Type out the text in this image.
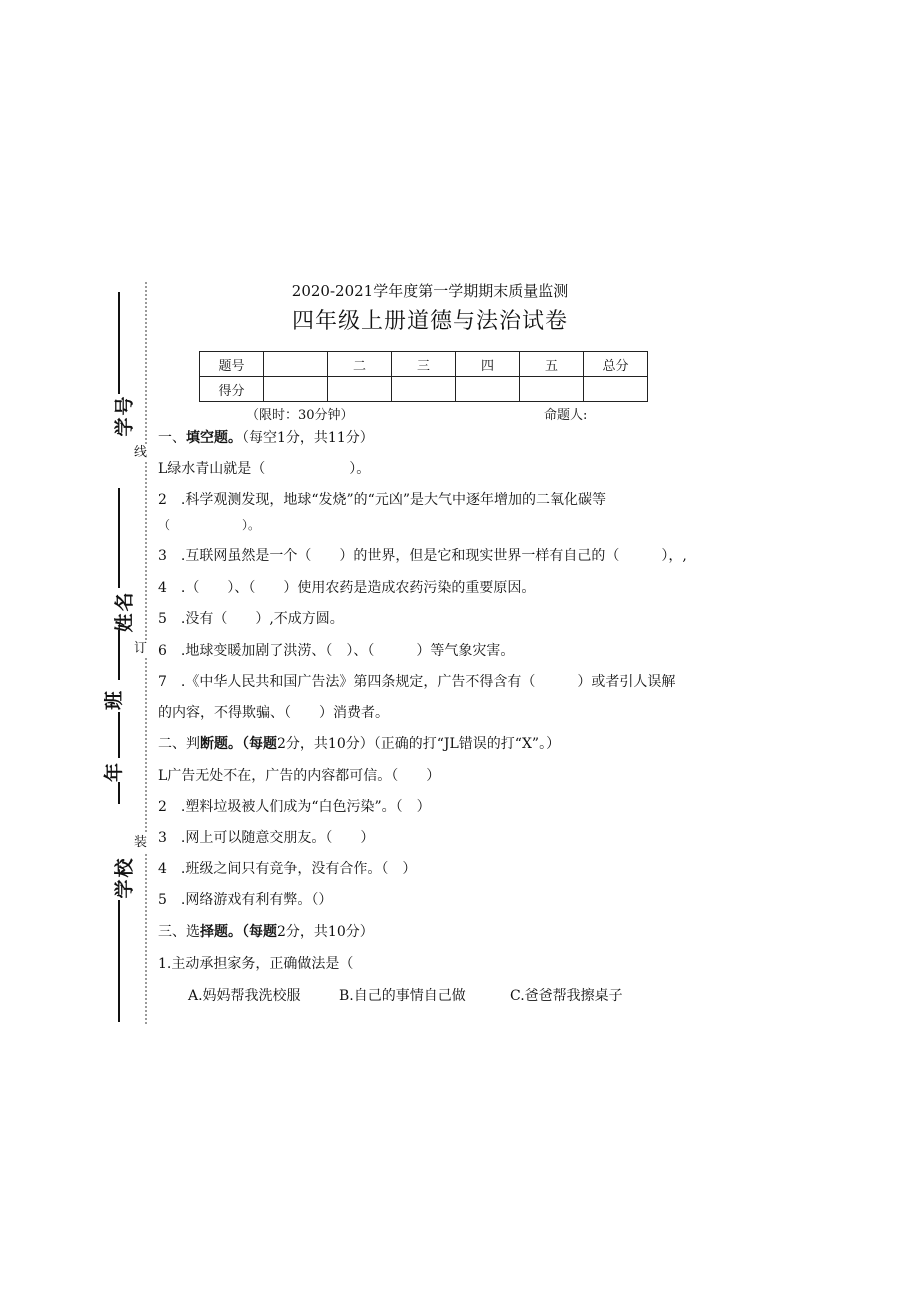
线
订
装
学号
姓名
班
年
学校
2020-2021学年度第一学期期末质量监测
四年级上册道德与法治试卷
题号		二	三	四	五	总分
得分						
（限时：30分钟）	命题人:
一、填空题。（每空1分，共11分）
L绿水青山就是（　　　　　　）。
2　.科学观测发现，地球“发烧”的“元凶”是大气中逐年增加的二氧化碳等
（　　　　　　）。
3　.互联网虽然是一个（　　）的世界，但是它和现实世界一样有自己的（　　　），,
4　.（　　）、（　　）使用农药是造成农药污染的重要原因。
5　.没有（　　）,不成方圆。
6　.地球变暖加剧了洪涝、（　）、（　　　）等气象灾害。
7　.《中华人民共和国广告法》第四条规定，广告不得含有（　　　）或者引人误解
的内容，不得欺骗、（　　）消费者。
二、判断题。（每题2分，共10分）（正确的打“JL错误的打“X”。）
L广告无处不在，广告的内容都可信。（　　）
2　.塑料垃圾被人们成为“白色污染”。（　）
3　.网上可以随意交朋友。（　　）
4　.班级之间只有竞争，没有合作。（　）
5　.网络游戏有利有弊。（）
三、选择题。（每题2分，共10分）
1.主动承担家务，正确做法是（
A.妈妈帮我洗校服	B.自己的事情自己做	C.爸爸帮我擦桌子
